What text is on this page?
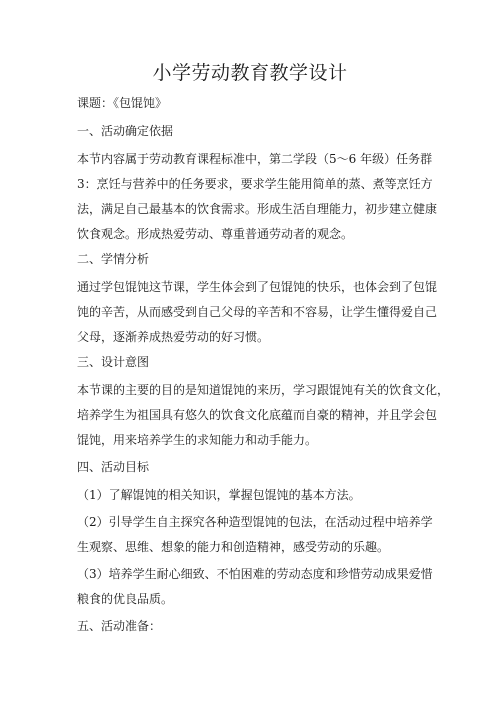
小学劳动教育教学设计

课题：《包馄饨》

一、活动确定依据

本节内容属于劳动教育课程标准中，第二学段（5～6 年级）任务群

3：烹饪与营养中的任务要求，要求学生能用简单的蒸、煮等烹饪方

法，满足自己最基本的饮食需求。形成生活自理能力，初步建立健康

饮食观念。形成热爱劳动、尊重普通劳动者的观念。

二、学情分析

通过学包馄饨这节课，学生体会到了包馄饨的快乐，也体会到了包馄

饨的辛苦，从而感受到自己父母的辛苦和不容易，让学生懂得爱自己

父母，逐渐养成热爱劳动的好习惯。

三、设计意图

本节课的主要的目的是知道馄饨的来历，学习跟馄饨有关的饮食文化，

培养学生为祖国具有悠久的饮食文化底蕴而自豪的精神，并且学会包

馄饨，用来培养学生的求知能力和动手能力。

四、活动目标

（1）了解馄饨的相关知识，掌握包馄饨的基本方法。

（2）引导学生自主探究各种造型馄饨的包法，在活动过程中培养学

生观察、思维、想象的能力和创造精神，感受劳动的乐趣。

（3）培养学生耐心细致、不怕困难的劳动态度和珍惜劳动成果爱惜

粮食的优良品质。

五、活动准备：
